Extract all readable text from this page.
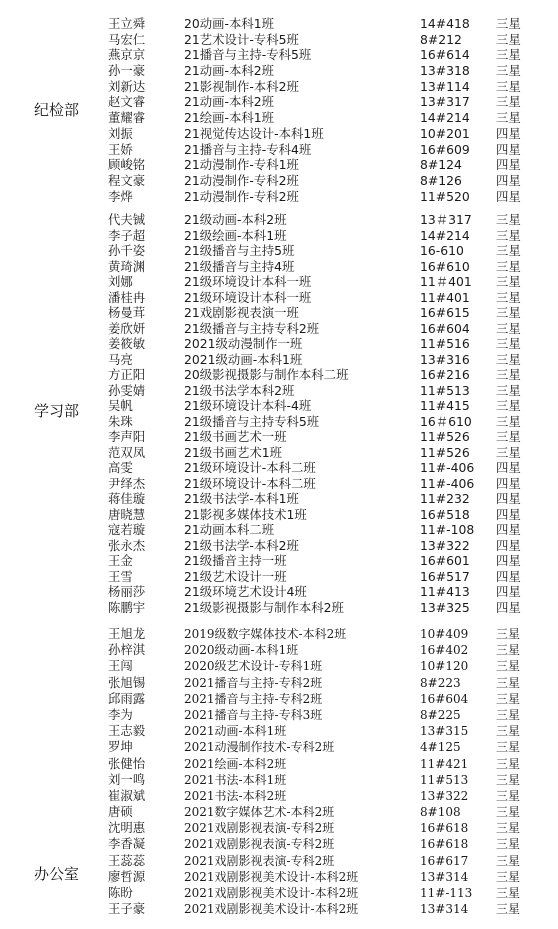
纪检部
王立舜	20动画-本科1班	14#418 三星
马宏仁	21艺术设计-专科5班	8#212	三星
燕京京	21播音与主持-专科5班	16#614 三星
孙一豪	21动画-本科2班	13#318 三星
刘新达	21影视制作-本科2班	13#114 三星
赵文睿	21动画-本科2班	13#317 三星
董耀睿	21绘画-本科1班	14#214 三星
刘振	21视觉传达设计-本科1班	10#201 四星
王娇	21播音与主持-专科4班	16#609 四星
顾峻铭	21动漫制作-专科1班	8#124	四星
程文豪	21动漫制作-专科2班	8#126	四星
李烨	21动漫制作-专科2班	11#520 四星
学习部
代夫铖	21级动画-本科2班	13＃317 三星
李子超	21级绘画-本科1班	14#214 三星
孙千姿	21级播音与主持5班	16-610	三星
黄琦渊	21级播音与主持4班	16#610 三星
刘娜	21级环境设计本科一班	11＃401 三星
潘桂冉	21级环境设计本科一班	11#401 三星
杨曼茸	21戏剧影视表演一班	16#615 三星
姜欣妍	21级播音与主持专科2班	16#604 三星
姜筱敏	2021级动漫制作一班	11#516 三星
马亮	2021级动画-本科1班	13#316 三星
方正阳	20级影视摄影与制作本科二班	16#216 三星
孙雯婧	21级书法学本科2班	11#513 三星
吴帆	21级环境设计本科-4班	11#415 三星
朱珠	21级播音与主持专科5班	16＃610 三星
李声阳	21级书画艺术一班	11#526 三星
范双凤	21级书画艺术1班	11#526 三星
高雯	21级环境设计-本科二班	11#-406 四星
尹绎杰	21级环境设计-本科二班	11#-406 四星
蒋佳璇	21级书法学-本科1班	11#232 四星
唐晓慧	21影视多媒体技术1班	16#518 四星
寇若璇	21动画本科二班	11#-108 四星
张永杰	21级书法学-本科2班	13#322 四星
王金	21级播音主持一班	16#601 四星
王雪	21级艺术设计一班	16#517 四星
杨丽莎	21级环境艺术设计4班	11#413 四星
陈鹏宇	21级影视摄影与制作本科2班	13#325 四星
办公室
王旭龙	2019级数字媒体技术-本科2班	10#409 三星
孙梓淇	2020级动画-本科1班	16#402 三星
王闯	2020级艺术设计-专科1班	10#120 三星
张旭锡	2021播音与主持-专科2班	8#223	三星
邱雨露	2021播音与主持-专科2班	16#604 三星
李为	2021播音与主持-专科3班	8#225	三星
王志毅	2021动画-本科1班	13#315 三星
罗坤	2021动漫制作技术-专科2班	4#125	三星
张健怡	2021绘画-本科2班	11#421 三星
刘一鸣	2021书法-本科1班	11#513 三星
崔淑斌	2021书法-本科2班	13#322 三星
唐硕	2021数字媒体艺术-本科2班	8#108	三星
沈明惠	2021戏剧影视表演-专科2班	16#618 三星
李香凝	2021戏剧影视表演-专科2班	16#618 三星
王蕊蕊	2021戏剧影视表演-专科2班	16#617 三星
廖哲源	2021戏剧影视美术设计-本科2班	13#314 三星
陈盼	2021戏剧影视美术设计-本科2班	11#-113 三星
王子豪	2021戏剧影视美术设计-本科2班	13#314 三星
